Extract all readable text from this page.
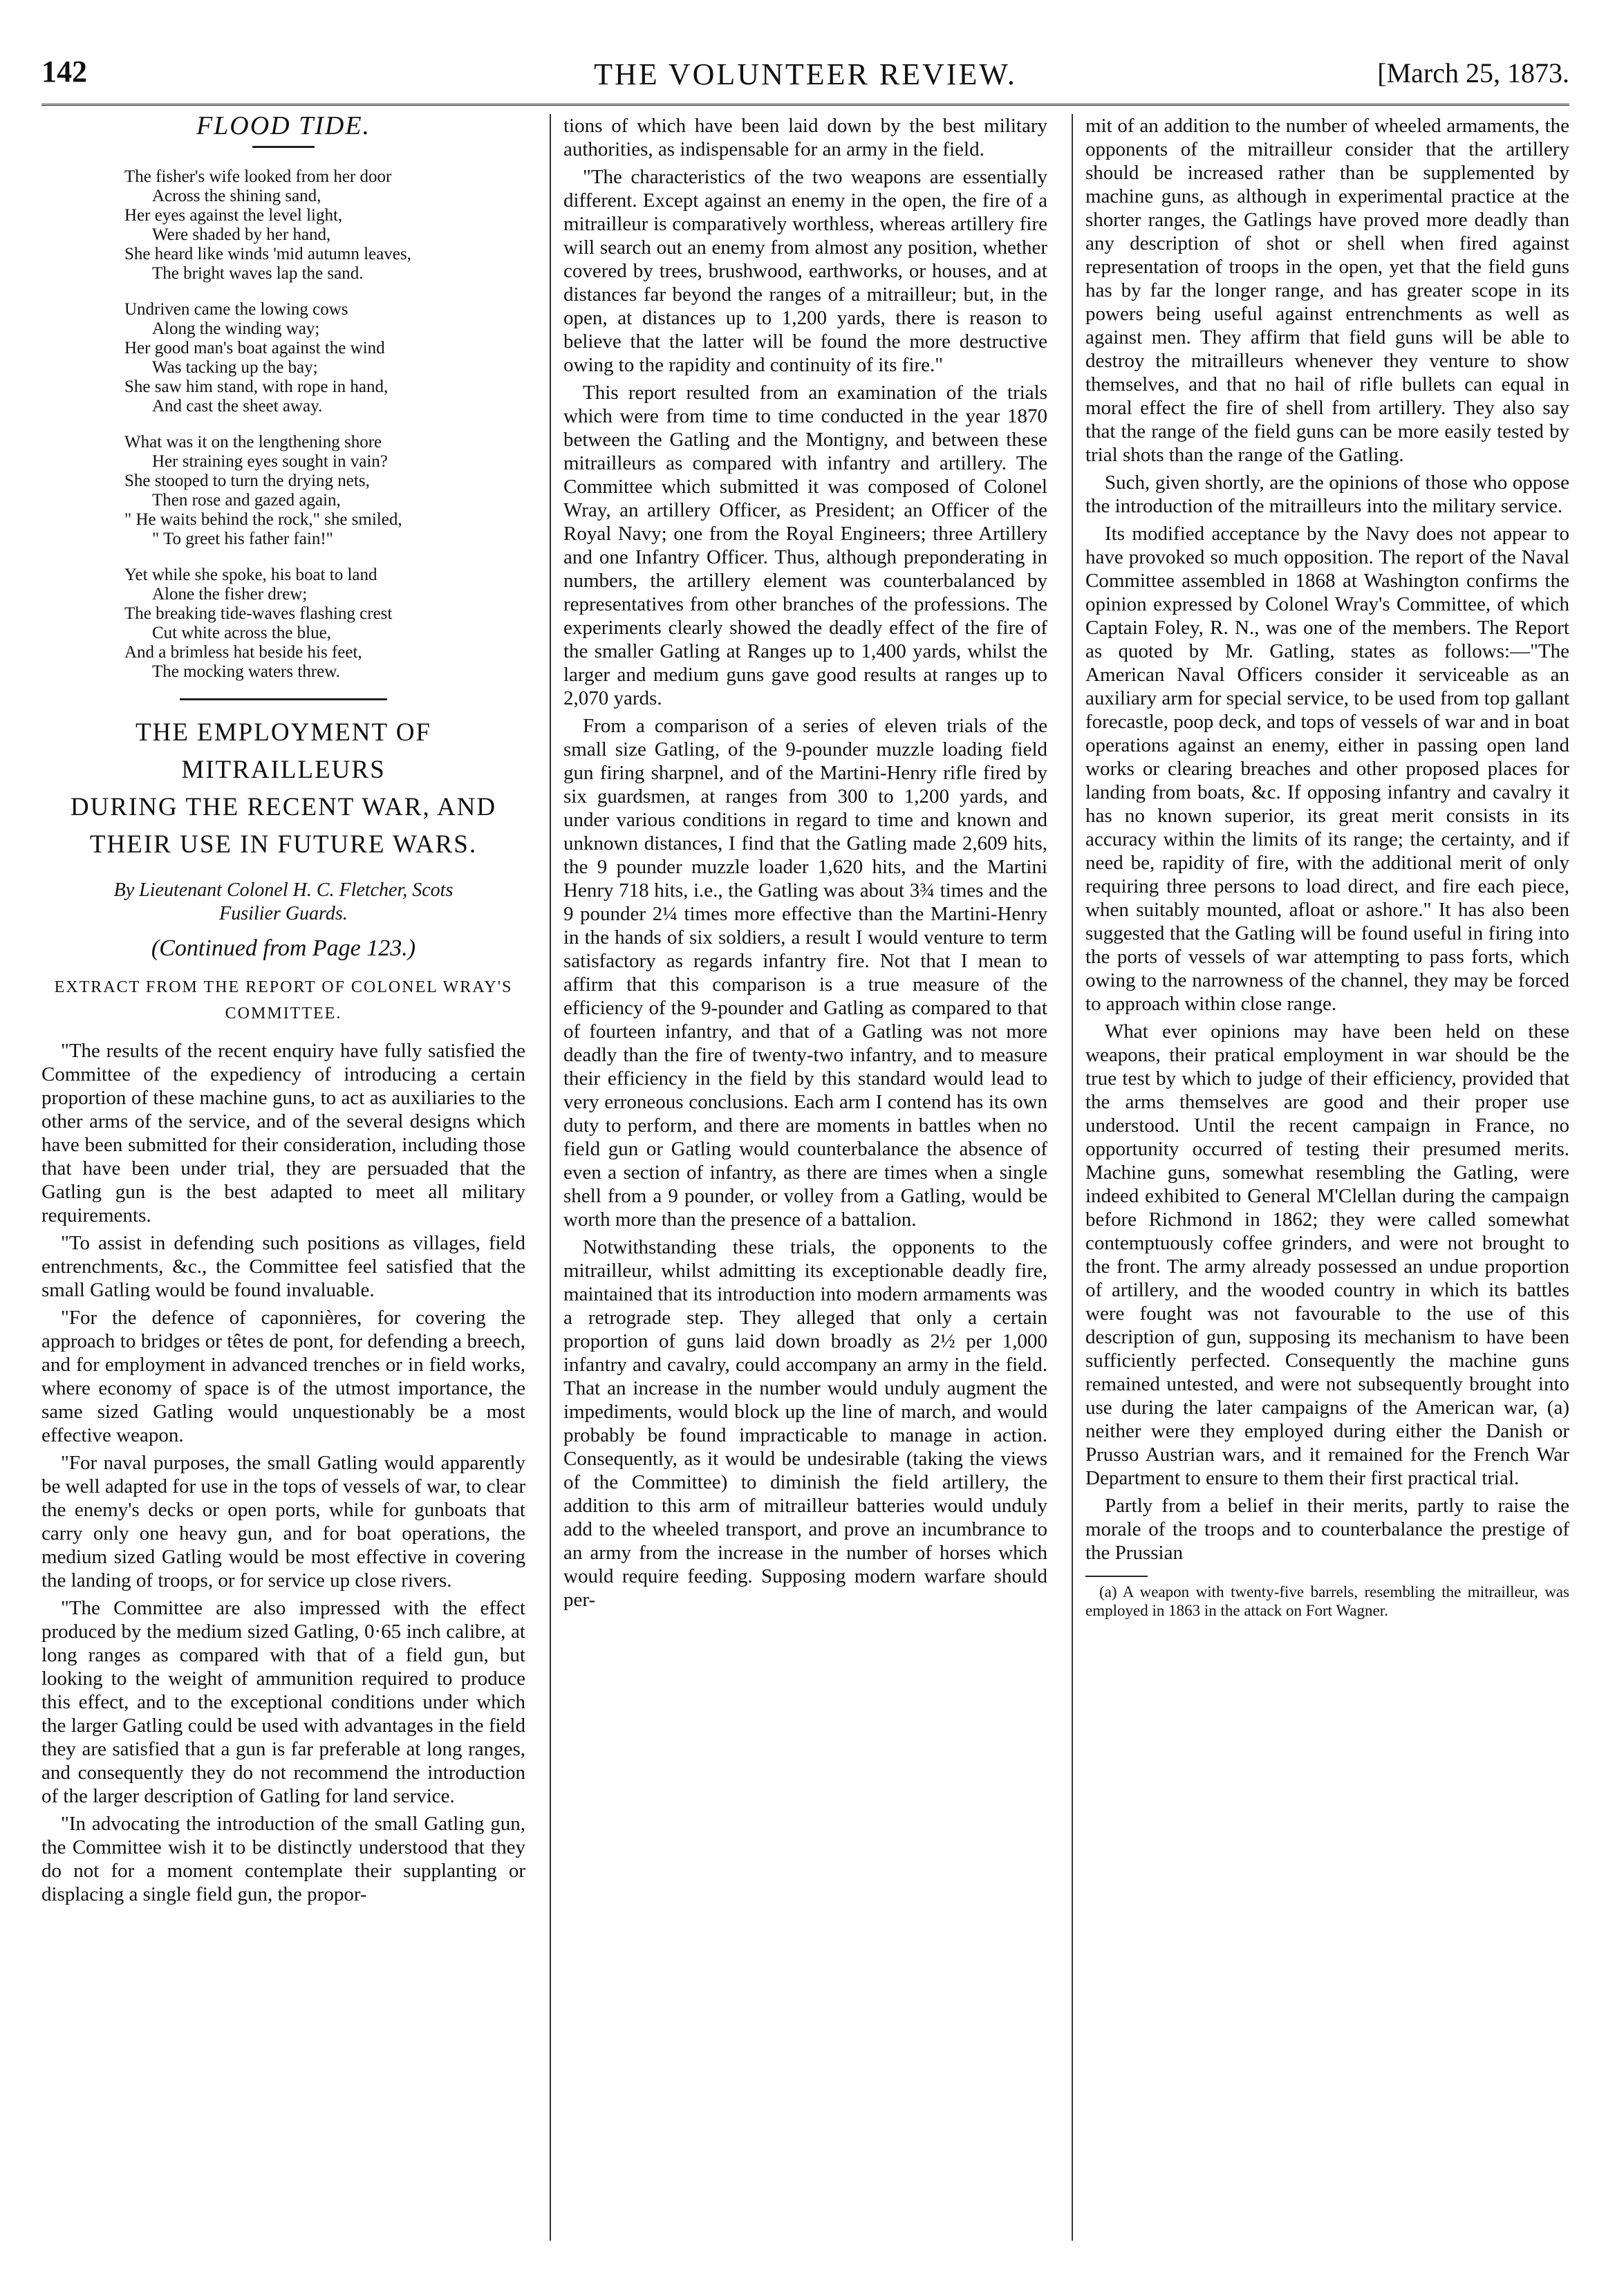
142	THE VOLUNTEER REVIEW.	[March 25, 1873.
FLOOD TIDE.
The fisher's wife looked from her door
Across the shining sand,
Her eyes against the level light,
Were shaded by her hand,
She heard like winds 'mid autumn leaves,
The bright waves lap the sand.
Undriven came the lowing cows
Along the winding way;
Her good man's boat against the wind
Was tacking up the bay;
She saw him stand, with rope in hand,
And cast the sheet away.
What was it on the lengthening shore
Her straining eyes sought in vain?
She stooped to turn the drying nets,
Then rose and gazed again,
" He waits behind the rock," she smiled,
" To greet his father fain!"
Yet while she spoke, his boat to land
Alone the fisher drew;
The breaking tide-waves flashing crest
Cut white across the blue,
And a brimless hat beside his feet,
The mocking waters threw.
THE EMPLOYMENT OF MITRAILLEURS
DURING THE RECENT WAR, AND
THEIR USE IN FUTURE WARS.
By Lieutenant Colonel H. C. Fletcher, Scots
Fusilier Guards.
(Continued from Page 123.)
EXTRACT FROM THE REPORT OF COLONEL WRAY'S
COMMITTEE.

"The results of the recent enquiry have fully satisfied the Committee of the expediency of introducing a certain proportion of these machine guns, to act as auxiliaries to the other arms of the service, and of the several designs which have been submitted for their consideration, including those that have been under trial, they are persuaded that the Gatling gun is the best adapted to meet all military requirements.

"To assist in defending such positions as villages, field entrenchments, &c., the Committee feel satisfied that the small Gatling would be found invaluable.

"For the defence of caponnières, for covering the approach to bridges or têtes de pont, for defending a breech, and for employment in advanced trenches or in field works, where economy of space is of the utmost importance, the same sized Gatling would unquestionably be a most effective weapon.

"For naval purposes, the small Gatling would apparently be well adapted for use in the tops of vessels of war, to clear the enemy's decks or open ports, while for gunboats that carry only one heavy gun, and for boat operations, the medium sized Gatling would be most effective in covering the landing of troops, or for service up close rivers.

"The Committee are also impressed with the effect produced by the medium sized Gatling, 0·65 inch calibre, at long ranges as compared with that of a field gun, but looking to the weight of ammunition required to produce this effect, and to the exceptional conditions under which the larger Gatling could be used with advantages in the field they are satisfied that a gun is far preferable at long ranges, and consequently they do not recommend the introduction of the larger description of Gatling for land service.

"In advocating the introduction of the small Gatling gun, the Committee wish it to be distinctly understood that they do not for a moment contemplate their supplanting or displacing a single field gun, the propor-

tions of which have been laid down by the best military authorities, as indispensable for an army in the field.

"The characteristics of the two weapons are essentially different. Except against an enemy in the open, the fire of a mitrailleur is comparatively worthless, whereas artillery fire will search out an enemy from almost any position, whether covered by trees, brushwood, earthworks, or houses, and at distances far beyond the ranges of a mitrailleur; but, in the open, at distances up to 1,200 yards, there is reason to believe that the latter will be found the more destructive owing to the rapidity and continuity of its fire."

This report resulted from an examination of the trials which were from time to time conducted in the year 1870 between the Gatling and the Montigny, and between these mitrailleurs as compared with infantry and artillery. The Committee which submitted it was composed of Colonel Wray, an artillery Officer, as President; an Officer of the Royal Navy; one from the Royal Engineers; three Artillery and one Infantry Officer. Thus, although preponderating in numbers, the artillery element was counterbalanced by representatives from other branches of the professions. The experiments clearly showed the deadly effect of the fire of the smaller Gatling at Ranges up to 1,400 yards, whilst the larger and medium guns gave good results at ranges up to 2,070 yards.

From a comparison of a series of eleven trials of the small size Gatling, of the 9-pounder muzzle loading field gun firing sharpnel, and of the Martini-Henry rifle fired by six guardsmen, at ranges from 300 to 1,200 yards, and under various conditions in regard to time and known and unknown distances, I find that the Gatling made 2,609 hits, the 9 pounder muzzle loader 1,620 hits, and the Martini Henry 718 hits, i.e., the Gatling was about 3¾ times and the 9 pounder 2¼ times more effective than the Martini-Henry in the hands of six soldiers, a result I would venture to term satisfactory as regards infantry fire. Not that I mean to affirm that this comparison is a true measure of the efficiency of the 9-pounder and Gatling as compared to that of fourteen infantry, and that of a Gatling was not more deadly than the fire of twenty-two infantry, and to measure their efficiency in the field by this standard would lead to very erroneous conclusions. Each arm I contend has its own duty to perform, and there are moments in battles when no field gun or Gatling would counterbalance the absence of even a section of infantry, as there are times when a single shell from a 9 pounder, or volley from a Gatling, would be worth more than the presence of a battalion.

Notwithstanding these trials, the opponents to the mitrailleur, whilst admitting its exceptionable deadly fire, maintained that its introduction into modern armaments was a retrograde step. They alleged that only a certain proportion of guns laid down broadly as 2½ per 1,000 infantry and cavalry, could accompany an army in the field. That an increase in the number would unduly augment the impediments, would block up the line of march, and would probably be found impracticable to manage in action. Consequently, as it would be undesirable (taking the views of the Committee) to diminish the field artillery, the addition to this arm of mitrailleur batteries would unduly add to the wheeled transport, and prove an incumbrance to an army from the increase in the number of horses which would require feeding. Supposing modern warfare should per-

mit of an addition to the number of wheeled armaments, the opponents of the mitrailleur consider that the artillery should be increased rather than be supplemented by machine guns, as although in experimental practice at the shorter ranges, the Gatlings have proved more deadly than any description of shot or shell when fired against representation of troops in the open, yet that the field guns has by far the longer range, and has greater scope in its powers being useful against entrenchments as well as against men. They affirm that field guns will be able to destroy the mitrailleurs whenever they venture to show themselves, and that no hail of rifle bullets can equal in moral effect the fire of shell from artillery. They also say that the range of the field guns can be more easily tested by trial shots than the range of the Gatling.

Such, given shortly, are the opinions of those who oppose the introduction of the mitrailleurs into the military service.

Its modified acceptance by the Navy does not appear to have provoked so much opposition. The report of the Naval Committee assembled in 1868 at Washington confirms the opinion expressed by Colonel Wray's Committee, of which Captain Foley, R. N., was one of the members. The Report as quoted by Mr. Gatling, states as follows:—"The American Naval Officers consider it serviceable as an auxiliary arm for special service, to be used from top gallant forecastle, poop deck, and tops of vessels of war and in boat operations against an enemy, either in passing open land works or clearing breaches and other proposed places for landing from boats, &c. If opposing infantry and cavalry it has no known superior, its great merit consists in its accuracy within the limits of its range; the certainty, and if need be, rapidity of fire, with the additional merit of only requiring three persons to load direct, and fire each piece, when suitably mounted, afloat or ashore." It has also been suggested that the Gatling will be found useful in firing into the ports of vessels of war attempting to pass forts, which owing to the narrowness of the channel, they may be forced to approach within close range.

What ever opinions may have been held on these weapons, their pratical employment in war should be the true test by which to judge of their efficiency, provided that the arms themselves are good and their proper use understood. Until the recent campaign in France, no opportunity occurred of testing their presumed merits. Machine guns, somewhat resembling the Gatling, were indeed exhibited to General M'Clellan during the campaign before Richmond in 1862; they were called somewhat contemptuously coffee grinders, and were not brought to the front. The army already possessed an undue proportion of artillery, and the wooded country in which its battles were fought was not favourable to the use of this description of gun, supposing its mechanism to have been sufficiently perfected. Consequently the machine guns remained untested, and were not subsequently brought into use during the later campaigns of the American war, (a) neither were they employed during either the Danish or Prusso Austrian wars, and it remained for the French War Department to ensure to them their first practical trial.

Partly from a belief in their merits, partly to raise the morale of the troops and to counterbalance the prestige of the Prussian

(a) A weapon with twenty-five barrels, resembling the mitrailleur, was employed in 1863 in the attack on Fort Wagner.
